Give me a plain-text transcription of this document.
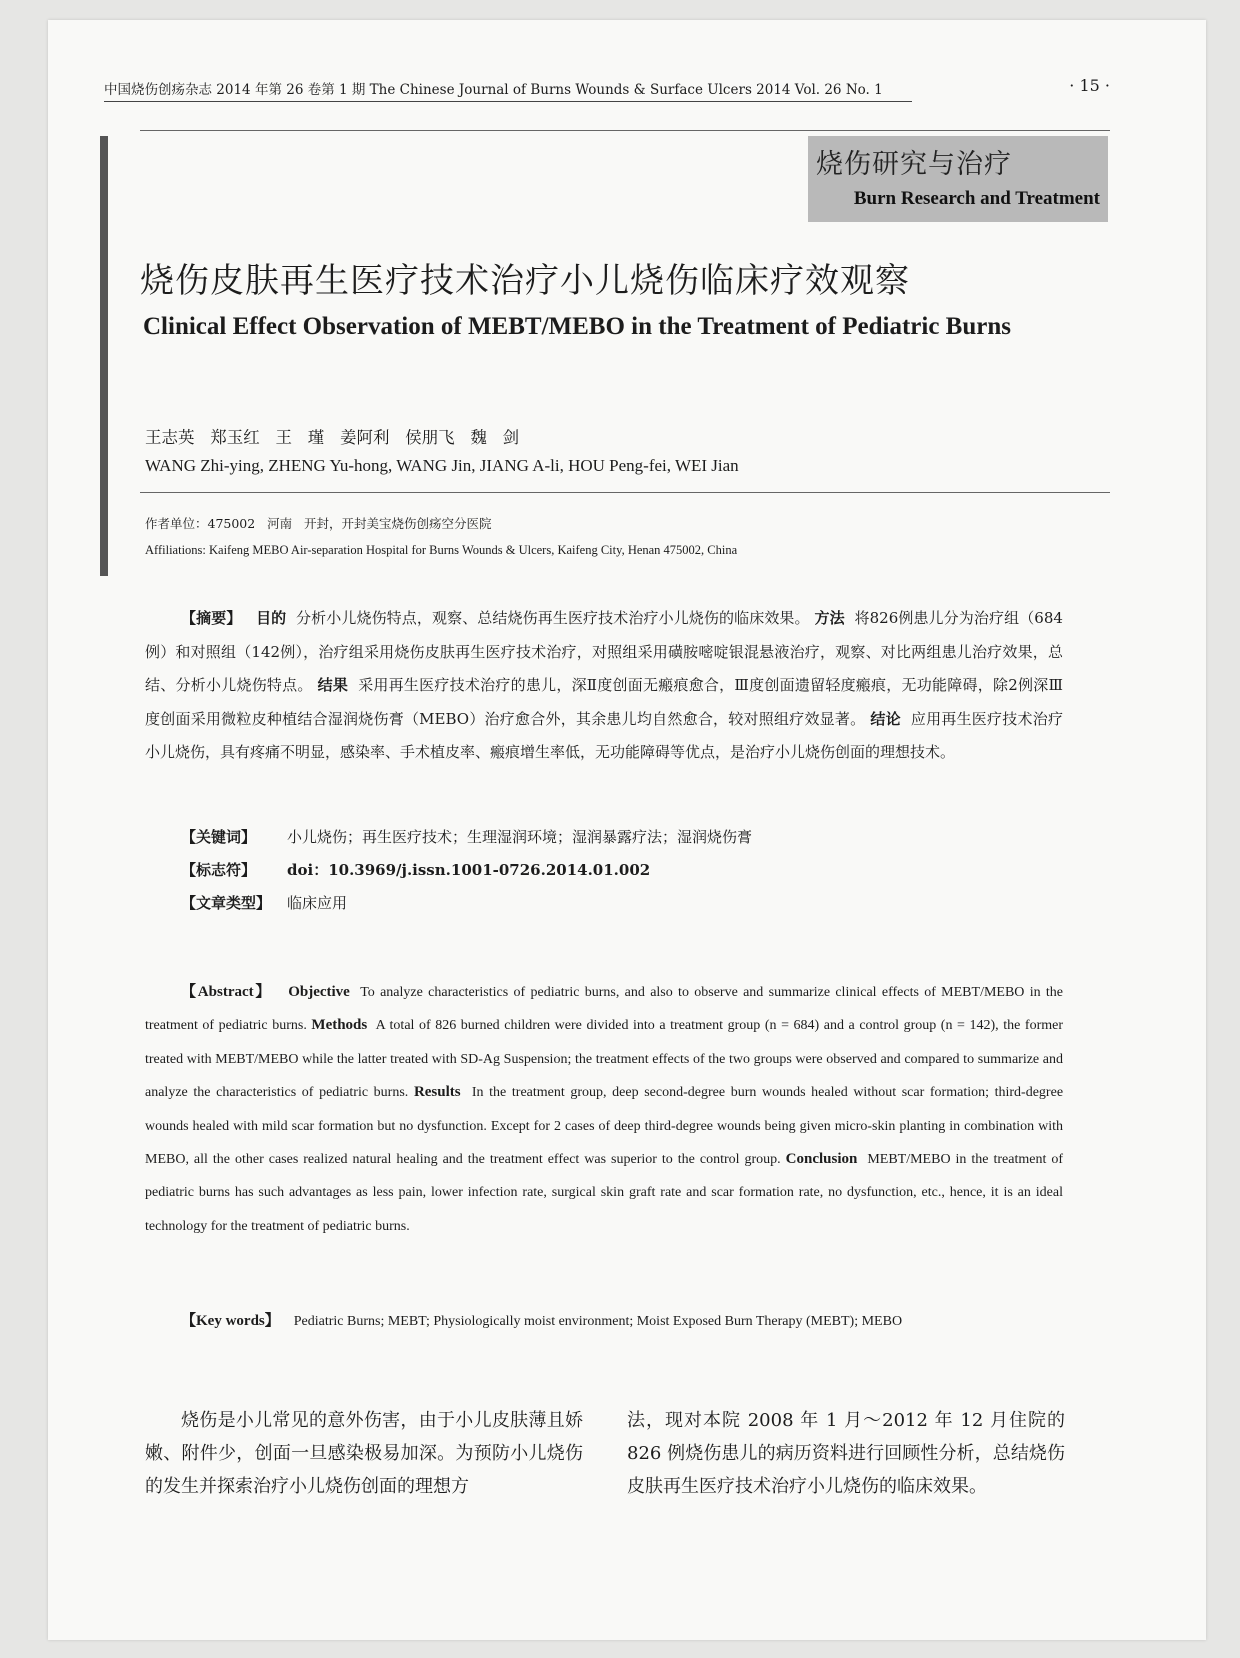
中国烧伤创疡杂志 2014 年第 26 卷第 1 期 The Chinese Journal of Burns Wounds & Surface Ulcers 2014 Vol. 26 No. 1	· 15 ·
烧伤研究与治疗
Burn Research and Treatment
烧伤皮肤再生医疗技术治疗小儿烧伤临床疗效观察
Clinical Effect Observation of MEBT/MEBO in the Treatment of Pediatric Burns
王志英   郑玉红   王   瑾   姜阿利   侯朋飞   魏   剑
WANG Zhi-ying, ZHENG Yu-hong, WANG Jin, JIANG A-li, HOU Peng-fei, WEI Jian
作者单位：475002   河南   开封，开封美宝烧伤创疡空分医院
Affiliations: Kaifeng MEBO Air-separation Hospital for Burns Wounds & Ulcers, Kaifeng City, Henan 475002, China
【摘要】 目的 分析小儿烧伤特点，观察、总结烧伤再生医疗技术治疗小儿烧伤的临床效果。 方法 将826例患儿分为治疗组（684例）和对照组（142例），治疗组采用烧伤皮肤再生医疗技术治疗，对照组采用磺胺嘧啶银混悬液治疗，观察、对比两组患儿治疗效果，总结、分析小儿烧伤特点。 结果 采用再生医疗技术治疗的患儿，深Ⅱ度创面无瘢痕愈合，Ⅲ度创面遗留轻度瘢痕，无功能障碍，除2例深Ⅲ度创面采用微粒皮种植结合湿润烧伤膏（MEBO）治疗愈合外，其余患儿均自然愈合，较对照组疗效显著。 结论 应用再生医疗技术治疗小儿烧伤，具有疼痛不明显，感染率、手术植皮率、瘢痕增生率低，无功能障碍等优点，是治疗小儿烧伤创面的理想技术。
【关键词】 小儿烧伤；再生医疗技术；生理湿润环境；湿润暴露疗法；湿润烧伤膏
【标志符】 doi：10.3969/j.issn.1001-0726.2014.01.002
【文章类型】 临床应用
【Abstract】 Objective To analyze characteristics of pediatric burns, and also to observe and summarize clinical effects of MEBT/MEBO in the treatment of pediatric burns. Methods A total of 826 burned children were divided into a treatment group (n = 684) and a control group (n = 142), the former treated with MEBT/MEBO while the latter treated with SD-Ag Suspension; the treatment effects of the two groups were observed and compared to summarize and analyze the characteristics of pediatric burns. Results In the treatment group, deep second-degree burn wounds healed without scar formation; third-degree wounds healed with mild scar formation but no dysfunction. Except for 2 cases of deep third-degree wounds being given micro-skin planting in combination with MEBO, all the other cases realized natural healing and the treatment effect was superior to the control group. Conclusion MEBT/MEBO in the treatment of pediatric burns has such advantages as less pain, lower infection rate, surgical skin graft rate and scar formation rate, no dysfunction, etc., hence, it is an ideal technology for the treatment of pediatric burns.
【Key words】 Pediatric Burns; MEBT; Physiologically moist environment; Moist Exposed Burn Therapy (MEBT); MEBO
烧伤是小儿常见的意外伤害，由于小儿皮肤薄且娇嫩、附件少，创面一旦感染极易加深。为预防小儿烧伤的发生并探索治疗小儿烧伤创面的理想方
法，现对本院 2008 年 1 月～2012 年 12 月住院的 826 例烧伤患儿的病历资料进行回顾性分析，总结烧伤皮肤再生医疗技术治疗小儿烧伤的临床效果。
